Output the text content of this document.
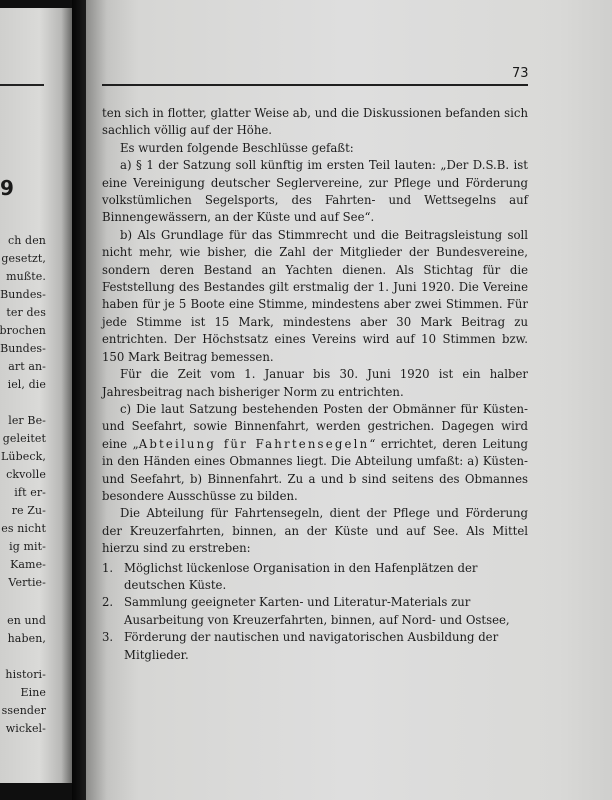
9
ch den
gesetzt,
mußte.
Bundes-
ter des
brochen
Bundes-
art an-
iel, die
ler Be-
geleitet
Lübeck,
ckvolle
ift er-
re Zu-
es nicht
ig mit-
Kame-
Vertie-
en und
haben,
histori-
Eine
ssender
wickel-
73

ten sich in flotter, glatter Weise ab, und die Diskussionen befanden sich sachlich völlig auf der Höhe.

Es wurden folgende Beschlüsse gefaßt:

a) § 1 der Satzung soll künftig im ersten Teil lauten: „Der D.S.B. ist eine Vereinigung deutscher Seglervereine, zur Pflege und Förderung volkstümlichen Segelsports, des Fahrten- und Wettsegelns auf Binnengewässern, an der Küste und auf See“.

b) Als Grundlage für das Stimmrecht und die Beitragsleistung soll nicht mehr, wie bisher, die Zahl der Mitglieder der Bundesvereine, sondern deren Bestand an Yachten dienen. Als Stichtag für die Feststellung des Bestandes gilt erstmalig der 1. Juni 1920. Die Vereine haben für je 5 Boote eine Stimme, mindestens aber zwei Stimmen. Für jede Stimme ist 15 Mark, mindestens aber 30 Mark Beitrag zu entrichten. Der Höchstsatz eines Vereins wird auf 10 Stimmen bzw. 150 Mark Beitrag bemessen.

Für die Zeit vom 1. Januar bis 30. Juni 1920 ist ein halber Jahresbeitrag nach bisheriger Norm zu entrichten.

c) Die laut Satzung bestehenden Posten der Obmänner für Küsten- und Seefahrt, sowie Binnenfahrt, werden gestrichen. Dagegen wird eine „Abteilung für Fahrtensegeln“ errichtet, deren Leitung in den Händen eines Obmannes liegt. Die Abteilung umfaßt: a) Küsten- und Seefahrt, b) Binnenfahrt. Zu a und b sind seitens des Obmannes besondere Ausschüsse zu bilden.

Die Abteilung für Fahrtensegeln, dient der Pflege und Förderung der Kreuzerfahrten, binnen, an der Küste und auf See. Als Mittel hierzu sind zu erstreben:

1. Möglichst lückenlose Organisation in den Hafenplätzen der deutschen Küste.
2. Sammlung geeigneter Karten- und Literatur-Materials zur Ausarbeitung von Kreuzerfahrten, binnen, auf Nord- und Ostsee,
3. Förderung der nautischen und navigatorischen Ausbildung der Mitglieder.
